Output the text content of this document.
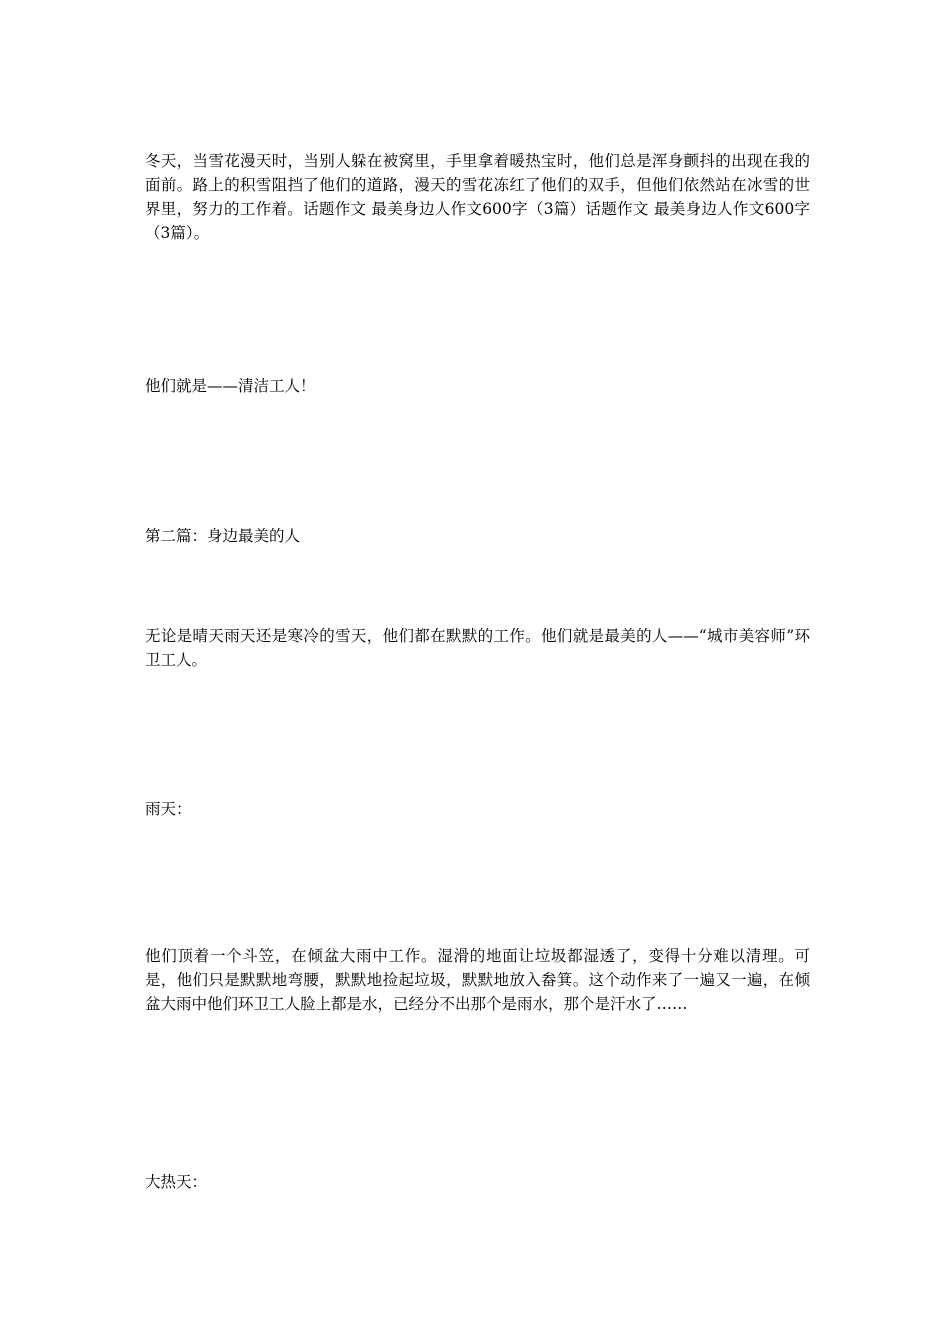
冬天，当雪花漫天时，当别人躲在被窝里，手里拿着暖热宝时，他们总是浑身颤抖的出现在我的面前。路上的积雪阻挡了他们的道路，漫天的雪花冻红了他们的双手，但他们依然站在冰雪的世界里，努力的工作着。话题作文 最美身边人作文600字（3篇）话题作文 最美身边人作文600字（3篇）。

他们就是——清洁工人！

第二篇：身边最美的人

无论是晴天雨天还是寒冷的雪天，他们都在默默的工作。他们就是最美的人——“城市美容师”环卫工人。

雨天：

他们顶着一个斗笠，在倾盆大雨中工作。湿滑的地面让垃圾都湿透了，变得十分难以清理。可是，他们只是默默地弯腰，默默地捡起垃圾，默默地放入畚箕。这个动作来了一遍又一遍，在倾盆大雨中他们环卫工人脸上都是水，已经分不出那个是雨水，那个是汗水了……

大热天：
